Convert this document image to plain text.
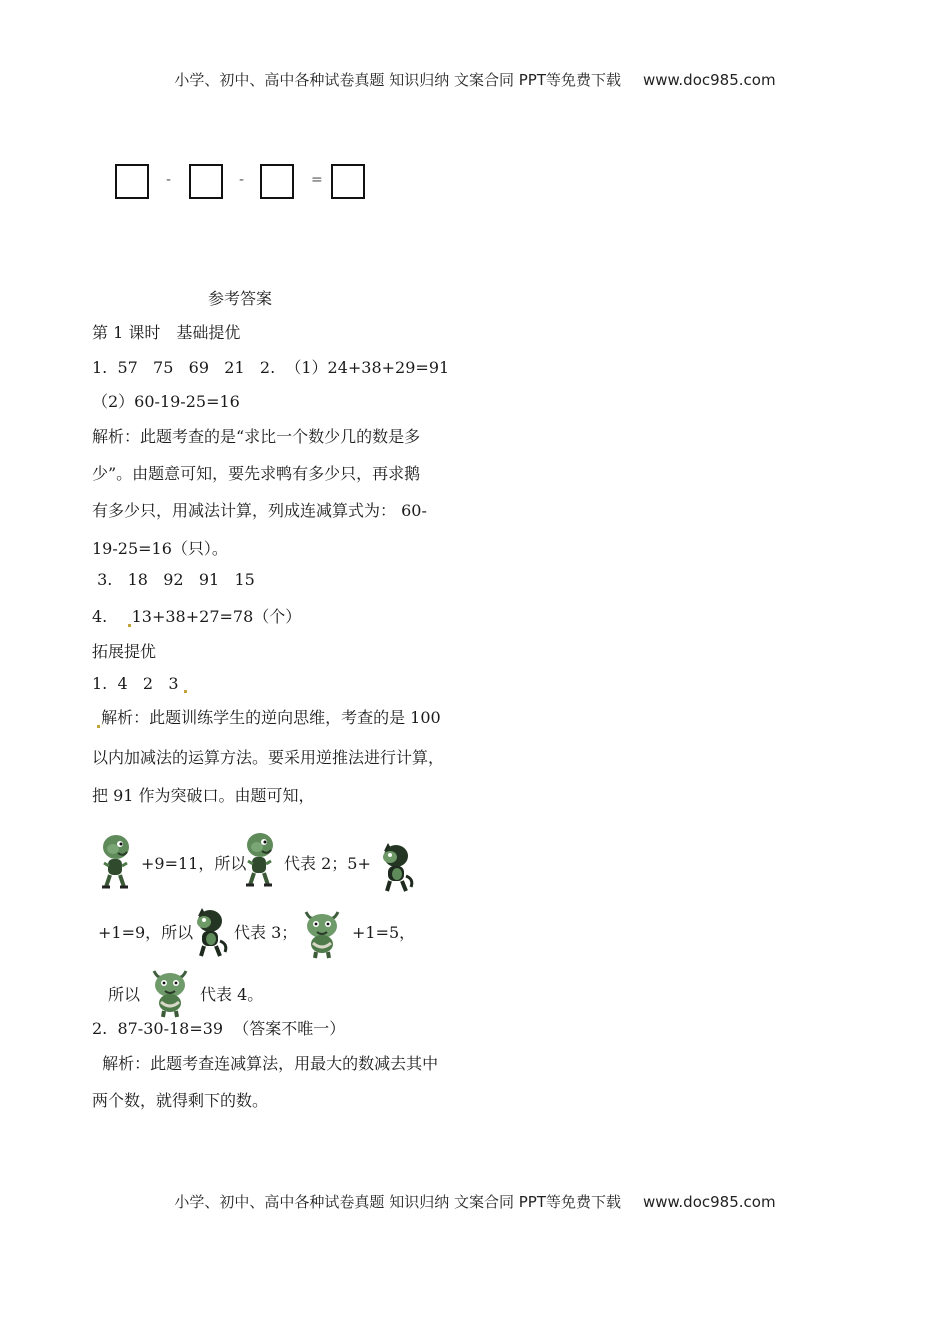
小学、初中、高中各种试卷真题 知识归纳 文案合同 PPT等免费下载 www.doc985.com
-	-	=
参考答案
第 1 课时　基础提优
1.  57   75   69   21   2.  （1）24+38+29=91
（2）60-19-25=16
解析：此题考查的是“求比一个数少几的数是多
少”。由题意可知，要先求鸭有多少只，再求鹅
有多少只，用减法计算，列成连减算式为： 60-
19-25=16（只）。
3.   18   92   91   15
4. 13+38+27=78（个）
拓展提优
1.  4   2   3
解析：此题训练学生的逆向思维，考查的是 100
以内加减法的运算方法。要采用逆推法进行计算，
把 91 作为突破口。由题可知，
+9=11，所以 代表 2；5+
+1=9，所以	代表 3；	+1=5，
所以	代表 4。
2.  87-30-18=39  （答案不唯一）
解析：此题考查连减算法，用最大的数减去其中
两个数，就得剩下的数。
小学、初中、高中各种试卷真题 知识归纳 文案合同 PPT等免费下载 www.doc985.com
